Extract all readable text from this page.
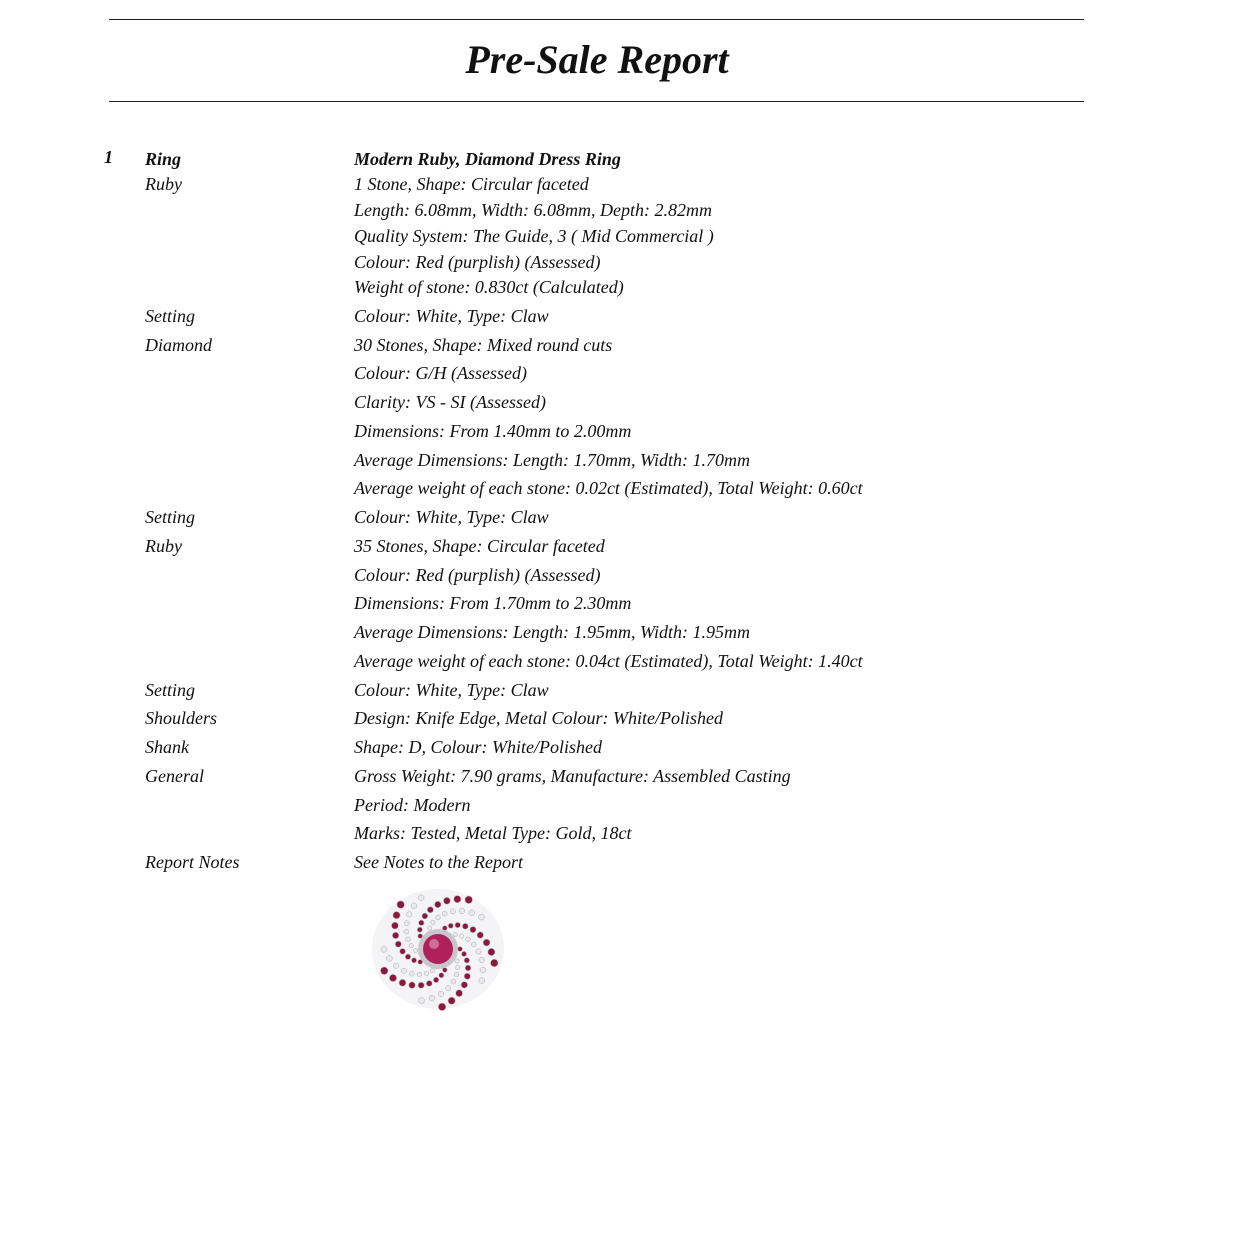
Pre-Sale Report
1 Ring	Modern Ruby, Diamond Dress Ring
Ruby	1 Stone, Shape: Circular faceted
Length: 6.08mm, Width: 6.08mm, Depth: 2.82mm
Quality System: The Guide, 3 ( Mid Commercial )
Colour: Red (purplish) (Assessed)
Weight of stone: 0.830ct (Calculated)
Setting	Colour: White, Type: Claw
Diamond	30 Stones, Shape: Mixed round cuts
Colour: G/H (Assessed)
Clarity: VS - SI (Assessed)
Dimensions: From 1.40mm to 2.00mm
Average Dimensions: Length: 1.70mm, Width: 1.70mm
Average weight of each stone: 0.02ct (Estimated), Total Weight: 0.60ct
Setting	Colour: White, Type: Claw
Ruby	35 Stones, Shape: Circular faceted
Colour: Red (purplish) (Assessed)
Dimensions: From 1.70mm to 2.30mm
Average Dimensions: Length: 1.95mm, Width: 1.95mm
Average weight of each stone: 0.04ct (Estimated), Total Weight: 1.40ct
Setting	Colour: White, Type: Claw
Shoulders	Design: Knife Edge, Metal Colour: White/Polished
Shank	Shape: D, Colour: White/Polished
General	Gross Weight: 7.90 grams, Manufacture: Assembled Casting
Period: Modern
Marks: Tested, Metal Type: Gold, 18ct
Report Notes	See Notes to the Report
